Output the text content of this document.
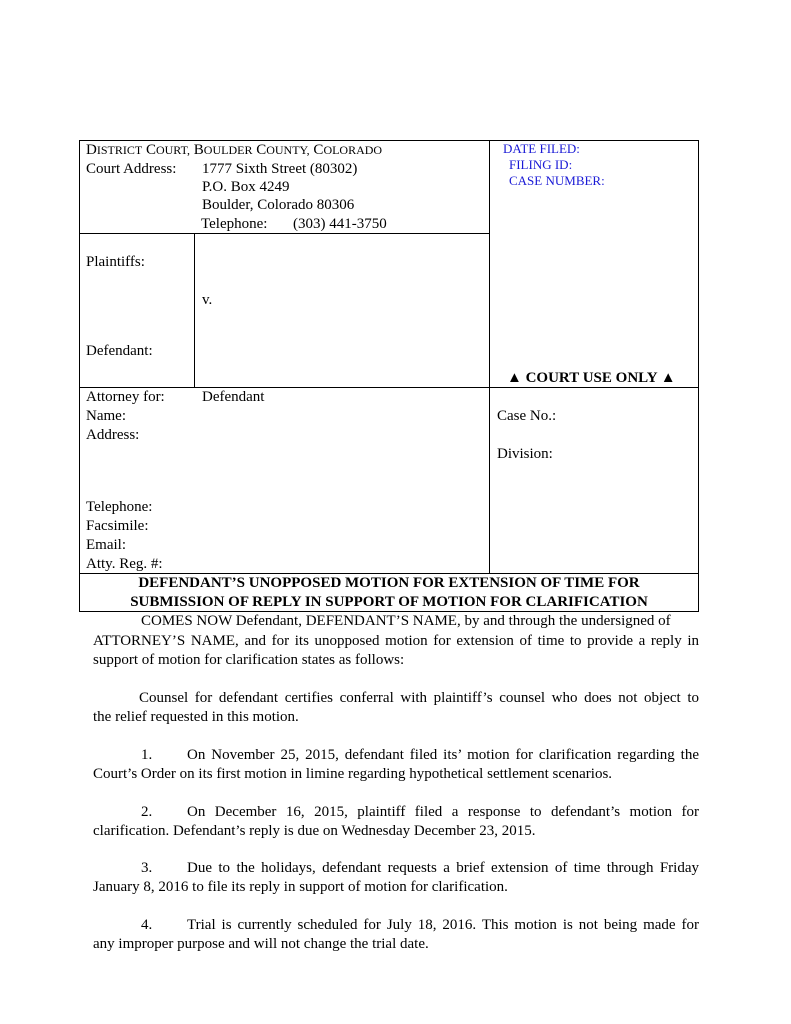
DISTRICT COURT, BOULDER COUNTY, COLORADO
Court Address: 1777 Sixth Street (80302)
P.O. Box 4249
Boulder, Colorado 80306
Telephone: (303) 441-3750
DATE FILED:
FILING ID:
CASE NUMBER:
Plaintiffs:
v.
Defendant:
▲ COURT USE ONLY ▲
Attorney for: Defendant
Name:
Address:
Telephone:
Facsimile:
Email:
Atty. Reg. #:
Case No.:
Division:
DEFENDANT’S UNOPPOSED MOTION FOR EXTENSION OF TIME FOR
SUBMISSION OF REPLY IN SUPPORT OF MOTION FOR CLARIFICATION
COMES NOW Defendant, DEFENDANT’S NAME, by and through the undersigned of
ATTORNEY’S NAME, and for its unopposed motion for extension of time to provide a reply in
support of motion for clarification states as follows:
Counsel for defendant certifies conferral with plaintiff’s counsel who does not object to
the relief requested in this motion.
1. On November 25, 2015, defendant filed its’ motion for clarification regarding the
Court’s Order on its first motion in limine regarding hypothetical settlement scenarios.
2. On December 16, 2015, plaintiff filed a response to defendant’s motion for
clarification. Defendant’s reply is due on Wednesday December 23, 2015.
3. Due to the holidays, defendant requests a brief extension of time through Friday
January 8, 2016 to file its reply in support of motion for clarification.
4. Trial is currently scheduled for July 18, 2016. This motion is not being made for
any improper purpose and will not change the trial date.
